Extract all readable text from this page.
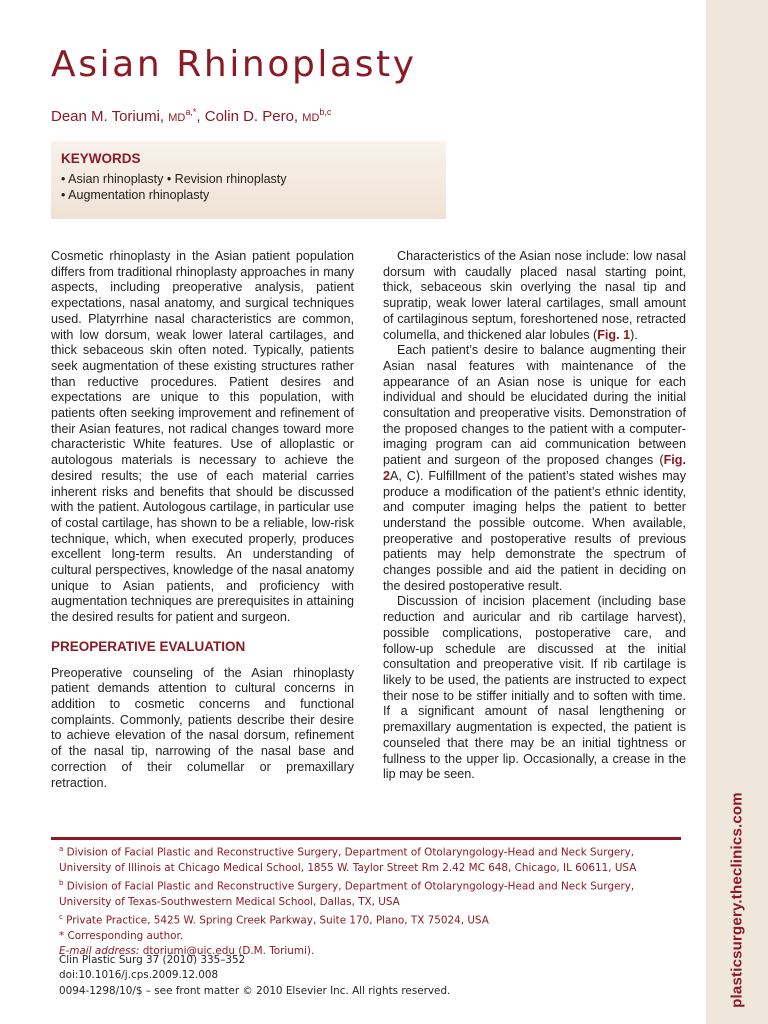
plasticsurgery.theclinics.com
Asian Rhinoplasty
Dean M. Toriumi, $MD^{a,*}$, Colin D. Pero, MD$^{b,c}$
KEYWORDS
• Asian rhinoplasty • Revision rhinoplasty
• Augmentation rhinoplasty

Cosmetic rhinoplasty in the Asian patient population differs from traditional rhinoplasty approaches in many aspects, including preoperative analysis, patient expectations, nasal anatomy, and surgical techniques used. Platyrrhine nasal characteristics are common, with low dorsum, weak lower lateral cartilages, and thick sebaceous skin often noted. Typically, patients seek augmentation of these existing structures rather than reductive procedures. Patient desires and expectations are unique to this population, with patients often seeking improvement and refinement of their Asian features, not radical changes toward more characteristic White features. Use of alloplastic or autologous materials is necessary to achieve the desired results; the use of each material carries inherent risks and benefits that should be discussed with the patient. Autologous cartilage, in particular use of costal cartilage, has shown to be a reliable, low-risk technique, which, when executed properly, produces excellent long-term results. An understanding of cultural perspectives, knowledge of the nasal anatomy unique to Asian patients, and proficiency with augmentation techniques are prerequisites in attaining the desired results for patient and surgeon.

PREOPERATIVE EVALUATION

Preoperative counseling of the Asian rhinoplasty patient demands attention to cultural concerns in addition to cosmetic concerns and functional complaints. Commonly, patients describe their desire to achieve elevation of the nasal dorsum, refinement of the nasal tip, narrowing of the nasal base and correction of their columellar or premaxillary retraction.

Characteristics of the Asian nose include: low nasal dorsum with caudally placed nasal starting point, thick, sebaceous skin overlying the nasal tip and supratip, weak lower lateral cartilages, small amount of cartilaginous septum, foreshortened nose, retracted columella, and thickened alar lobules (Fig. 1).

Each patient’s desire to balance augmenting their Asian nasal features with maintenance of the appearance of an Asian nose is unique for each individual and should be elucidated during the initial consultation and preoperative visits. Demonstration of the proposed changes to the patient with a computer-imaging program can aid communication between patient and surgeon of the proposed changes (Fig. 2A, C). Fulfillment of the patient’s stated wishes may produce a modification of the patient’s ethnic identity, and computer imaging helps the patient to better understand the possible outcome. When available, preoperative and postoperative results of previous patients may help demonstrate the spectrum of changes possible and aid the patient in deciding on the desired postoperative result.

Discussion of incision placement (including base reduction and auricular and rib cartilage harvest), possible complications, postoperative care, and follow-up schedule are discussed at the initial consultation and preoperative visit. If rib cartilage is likely to be used, the patients are instructed to expect their nose to be stiffer initially and to soften with time. If a significant amount of nasal lengthening or premaxillary augmentation is expected, the patient is counseled that there may be an initial tightness or fullness to the upper lip. Occasionally, a crease in the lip may be seen.

$^a$ Division of Facial Plastic and Reconstructive Surgery, Department of Otolaryngology-Head and Neck Surgery,
University of Illinois at Chicago Medical School, 1855 W. Taylor Street Rm 2.42 MC 648, Chicago, IL 60611, USA
$^b$ Division of Facial Plastic and Reconstructive Surgery, Department of Otolaryngology-Head and Neck Surgery,
University of Texas-Southwestern Medical School, Dallas, TX, USA
$^c$ Private Practice, 5425 W. Spring Creek Parkway, Suite 170, Plano, TX 75024, USA
* Corresponding author.
E-mail address: dtoriumi@uic.edu (D.M. Toriumi).
Clin Plastic Surg 37 (2010) 335–352
doi:10.1016/j.cps.2009.12.008
0094-1298/10/$ – see front matter © 2010 Elsevier Inc. All rights reserved.
